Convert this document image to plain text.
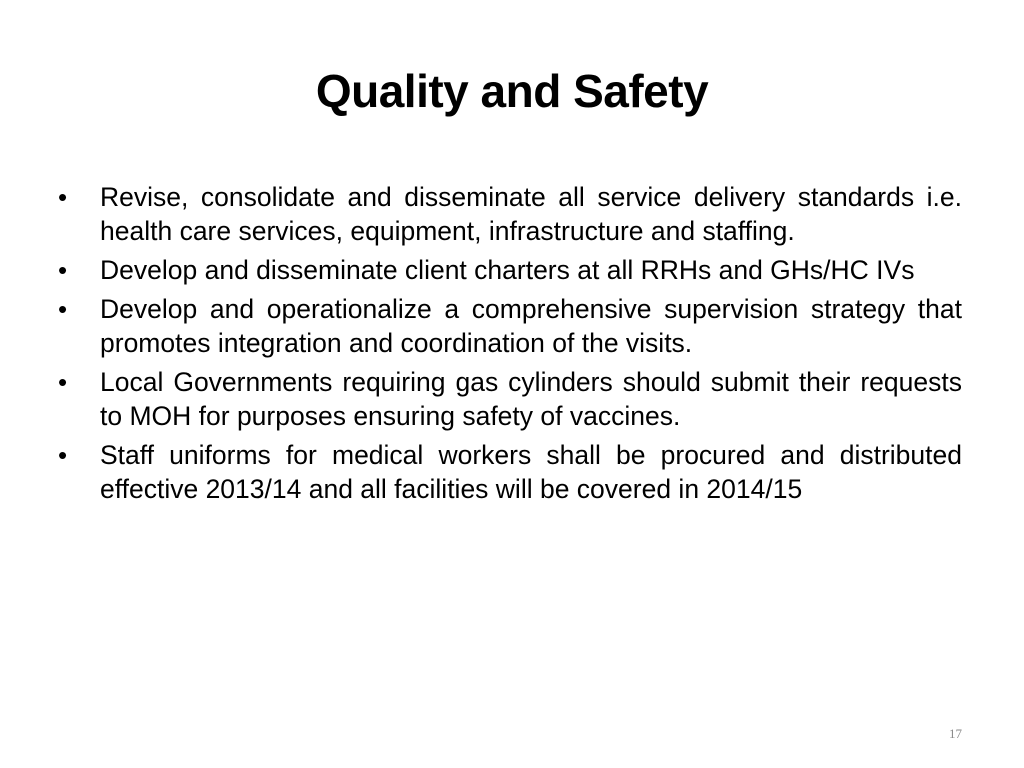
Quality and Safety
•	Revise, consolidate and disseminate all service delivery standards i.e. health care services, equipment, infrastructure and staffing.
•	Develop and disseminate client charters at all RRHs and GHs/HC IVs
•	Develop and operationalize a comprehensive supervision strategy that promotes integration and coordination of the visits.
•	Local Governments requiring gas cylinders should submit their requests to MOH for purposes ensuring safety of vaccines.
•	Staff uniforms for medical workers shall be procured and distributed effective 2013/14 and all facilities will be covered in 2014/15
17
